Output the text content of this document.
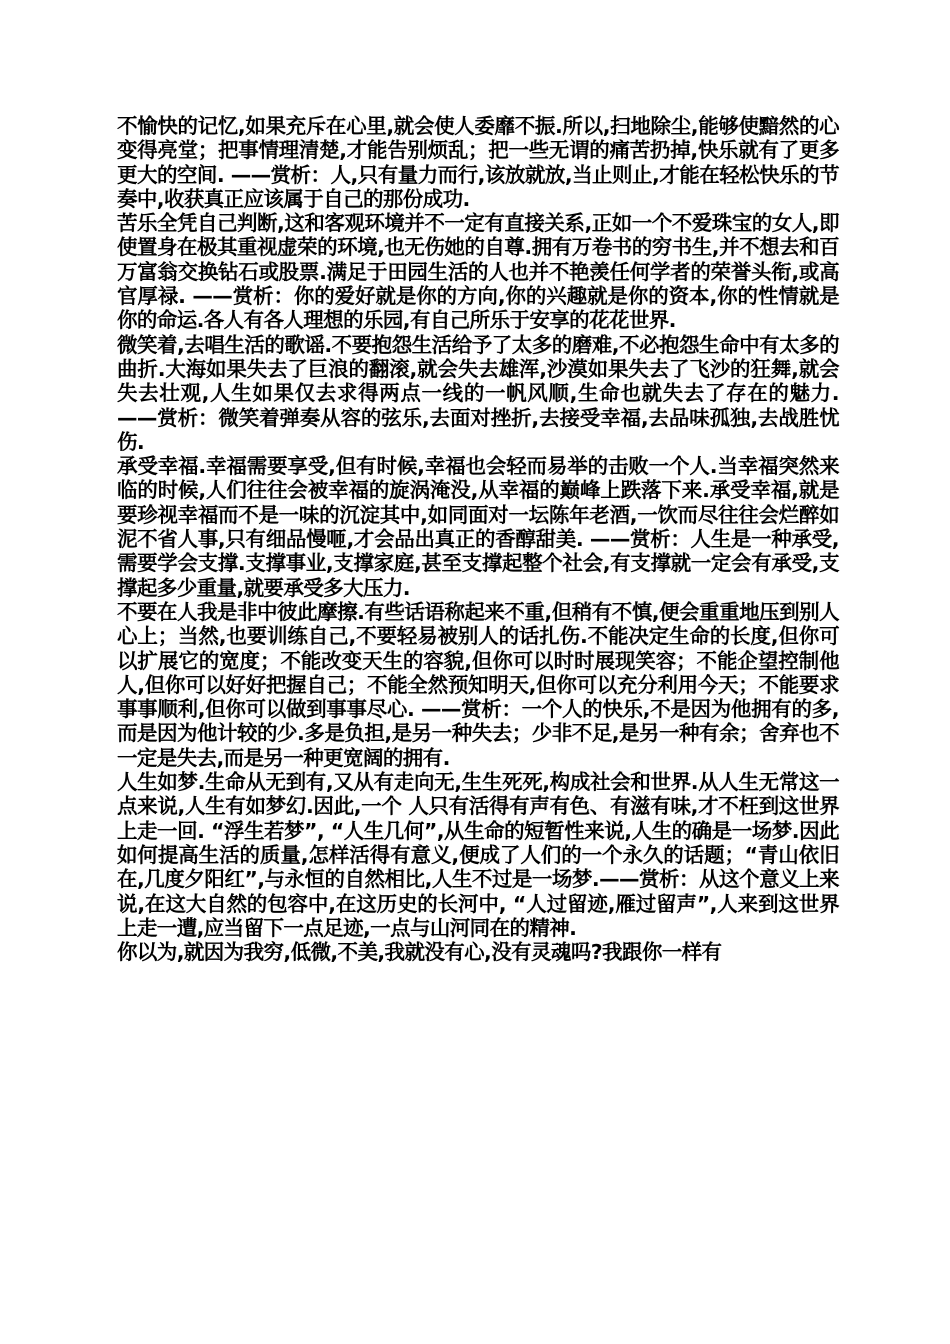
不愉快的记忆,如果充斥在心里,就会使人委靡不振.所以,扫地除尘,能够使黯然的心变得亮堂；把事情理清楚,才能告别烦乱；把一些无谓的痛苦扔掉,快乐就有了更多更大的空间. ——赏析：人,只有量力而行,该放就放,当止则止,才能在轻松快乐的节奏中,收获真正应该属于自己的那份成功.

苦乐全凭自己判断,这和客观环境并不一定有直接关系,正如一个不爱珠宝的女人,即使置身在极其重视虚荣的环境,也无伤她的自尊.拥有万卷书的穷书生,并不想去和百万富翁交换钻石或股票.满足于田园生活的人也并不艳羡任何学者的荣誉头衔,或高官厚禄. ——赏析：你的爱好就是你的方向,你的兴趣就是你的资本,你的性情就是你的命运.各人有各人理想的乐园,有自己所乐于安享的花花世界.

微笑着,去唱生活的歌谣.不要抱怨生活给予了太多的磨难,不必抱怨生命中有太多的曲折.大海如果失去了巨浪的翻滚,就会失去雄浑,沙漠如果失去了飞沙的狂舞,就会失去壮观,人生如果仅去求得两点一线的一帆风顺,生命也就失去了存在的魅力. ——赏析：微笑着弹奏从容的弦乐,去面对挫折,去接受幸福,去品味孤独,去战胜忧伤.

承受幸福.幸福需要享受,但有时候,幸福也会轻而易举的击败一个人.当幸福突然来临的时候,人们往往会被幸福的旋涡淹没,从幸福的巅峰上跌落下来.承受幸福,就是要珍视幸福而不是一味的沉淀其中,如同面对一坛陈年老酒,一饮而尽往往会烂醉如泥不省人事,只有细品慢咂,才会品出真正的香醇甜美. ——赏析：人生是一种承受,需要学会支撑.支撑事业,支撑家庭,甚至支撑起整个社会,有支撑就一定会有承受,支撑起多少重量,就要承受多大压力.

不要在人我是非中彼此摩擦.有些话语称起来不重,但稍有不慎,便会重重地压到别人心上；当然,也要训练自己,不要轻易被别人的话扎伤.不能决定生命的长度,但你可以扩展它的宽度；不能改变天生的容貌,但你可以时时展现笑容；不能企望控制他人,但你可以好好把握自己；不能全然预知明天,但你可以充分利用今天；不能要求事事顺利,但你可以做到事事尽心. ——赏析：一个人的快乐,不是因为他拥有的多,而是因为他计较的少.多是负担,是另一种失去；少非不足,是另一种有余；舍弃也不一定是失去,而是另一种更宽阔的拥有.

人生如梦.生命从无到有,又从有走向无,生生死死,构成社会和世界.从人生无常这一点来说,人生有如梦幻.因此,一个 人只有活得有声有色、有滋有味,才不枉到这世界上走一回. “浮生若梦”, “人生几何”,从生命的短暂性来说,人生的确是一场梦.因此如何提高生活的质量,怎样活得有意义,便成了人们的一个永久的话题；“青山依旧在,几度夕阳红”,与永恒的自然相比,人生不过是一场梦.——赏析：从这个意义上来说,在这大自然的包容中,在这历史的长河中, “人过留迹,雁过留声”,人来到这世界上走一遭,应当留下一点足迹,一点与山河同在的精神.

你以为,就因为我穷,低微,不美,我就没有心,没有灵魂吗?我跟你一样有
